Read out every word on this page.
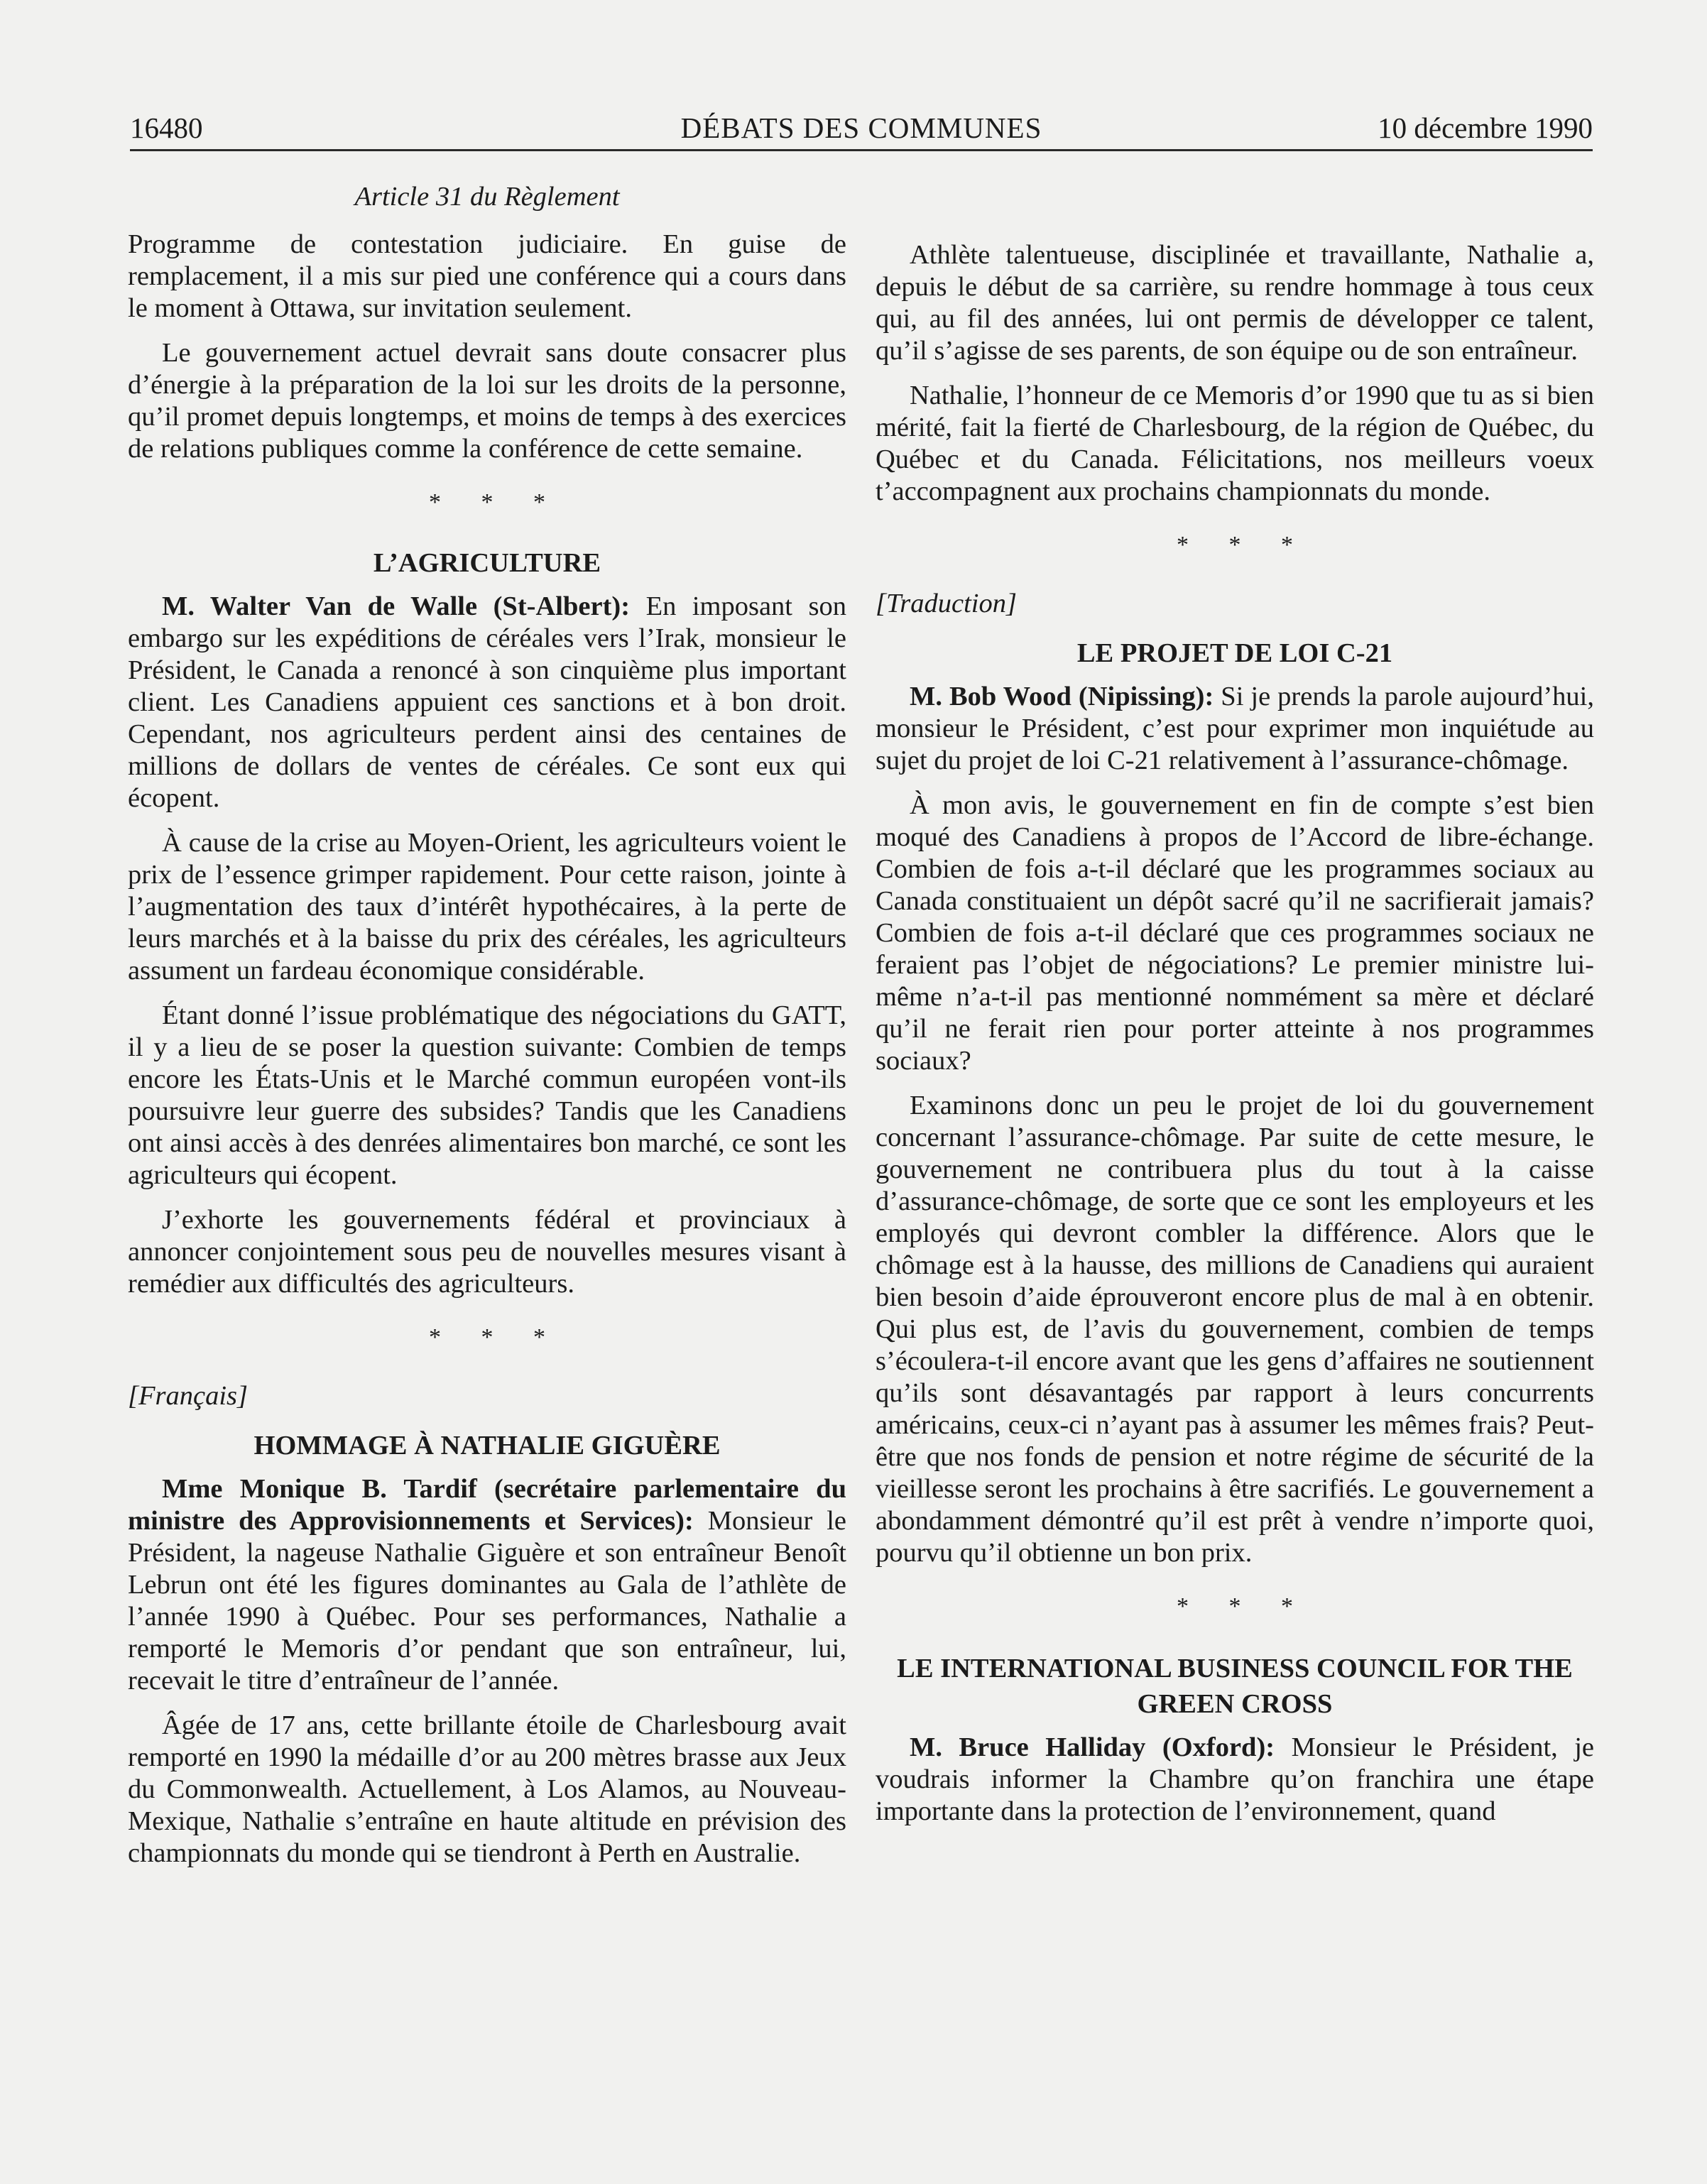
16480	DÉBATS DES COMMUNES	10 décembre 1990
Article 31 du Règlement

Programme de contestation judiciaire. En guise de remplacement, il a mis sur pied une conférence qui a cours dans le moment à Ottawa, sur invitation seulement.

Le gouvernement actuel devrait sans doute consacrer plus d’énergie à la préparation de la loi sur les droits de la personne, qu’il promet depuis longtemps, et moins de temps à des exercices de relations publiques comme la conférence de cette semaine.

* * *
L’AGRICULTURE

M. Walter Van de Walle (St-Albert): En imposant son embargo sur les expéditions de céréales vers l’Irak, monsieur le Président, le Canada a renoncé à son cinquième plus important client. Les Canadiens appuient ces sanctions et à bon droit. Cependant, nos agriculteurs perdent ainsi des centaines de millions de dollars de ventes de céréales. Ce sont eux qui écopent.

À cause de la crise au Moyen-Orient, les agriculteurs voient le prix de l’essence grimper rapidement. Pour cette raison, jointe à l’augmentation des taux d’intérêt hypothécaires, à la perte de leurs marchés et à la baisse du prix des céréales, les agriculteurs assument un fardeau économique considérable.

Étant donné l’issue problématique des négociations du GATT, il y a lieu de se poser la question suivante: Combien de temps encore les États-Unis et le Marché commun européen vont-ils poursuivre leur guerre des subsides? Tandis que les Canadiens ont ainsi accès à des denrées alimentaires bon marché, ce sont les agriculteurs qui écopent.

J’exhorte les gouvernements fédéral et provinciaux à annoncer conjointement sous peu de nouvelles mesures visant à remédier aux difficultés des agriculteurs.

* * *
[Français]
HOMMAGE À NATHALIE GIGUÈRE

Mme Monique B. Tardif (secrétaire parlementaire du ministre des Approvisionnements et Services): Monsieur le Président, la nageuse Nathalie Giguère et son entraîneur Benoît Lebrun ont été les figures dominantes au Gala de l’athlète de l’année 1990 à Québec. Pour ses performances, Nathalie a remporté le Memoris d’or pendant que son entraîneur, lui, recevait le titre d’entraîneur de l’année.

Âgée de 17 ans, cette brillante étoile de Charlesbourg avait remporté en 1990 la médaille d’or au 200 mètres brasse aux Jeux du Commonwealth. Actuellement, à Los Alamos, au Nouveau-Mexique, Nathalie s’entraîne en haute altitude en prévision des championnats du monde qui se tiendront à Perth en Australie.

Athlète talentueuse, disciplinée et travaillante, Nathalie a, depuis le début de sa carrière, su rendre hommage à tous ceux qui, au fil des années, lui ont permis de développer ce talent, qu’il s’agisse de ses parents, de son équipe ou de son entraîneur.

Nathalie, l’honneur de ce Memoris d’or 1990 que tu as si bien mérité, fait la fierté de Charlesbourg, de la région de Québec, du Québec et du Canada. Félicitations, nos meilleurs voeux t’accompagnent aux prochains championnats du monde.

* * *
[Traduction]
LE PROJET DE LOI C-21

M. Bob Wood (Nipissing): Si je prends la parole aujourd’hui, monsieur le Président, c’est pour exprimer mon inquiétude au sujet du projet de loi C-21 relativement à l’assurance-chômage.

À mon avis, le gouvernement en fin de compte s’est bien moqué des Canadiens à propos de l’Accord de libre-échange. Combien de fois a-t-il déclaré que les programmes sociaux au Canada constituaient un dépôt sacré qu’il ne sacrifierait jamais? Combien de fois a-t-il déclaré que ces programmes sociaux ne feraient pas l’objet de négociations? Le premier ministre lui-même n’a-t-il pas mentionné nommément sa mère et déclaré qu’il ne ferait rien pour porter atteinte à nos programmes sociaux?

Examinons donc un peu le projet de loi du gouvernement concernant l’assurance-chômage. Par suite de cette mesure, le gouvernement ne contribuera plus du tout à la caisse d’assurance-chômage, de sorte que ce sont les employeurs et les employés qui devront combler la différence. Alors que le chômage est à la hausse, des millions de Canadiens qui auraient bien besoin d’aide éprouveront encore plus de mal à en obtenir. Qui plus est, de l’avis du gouvernement, combien de temps s’écoulera-t-il encore avant que les gens d’affaires ne soutiennent qu’ils sont désavantagés par rapport à leurs concurrents américains, ceux-ci n’ayant pas à assumer les mêmes frais? Peut-être que nos fonds de pension et notre régime de sécurité de la vieillesse seront les prochains à être sacrifiés. Le gouvernement a abondamment démontré qu’il est prêt à vendre n’importe quoi, pourvu qu’il obtienne un bon prix.

* * *
LE INTERNATIONAL BUSINESS COUNCIL FOR THE GREEN CROSS

M. Bruce Halliday (Oxford): Monsieur le Président, je voudrais informer la Chambre qu’on franchira une étape importante dans la protection de l’environnement, quand
